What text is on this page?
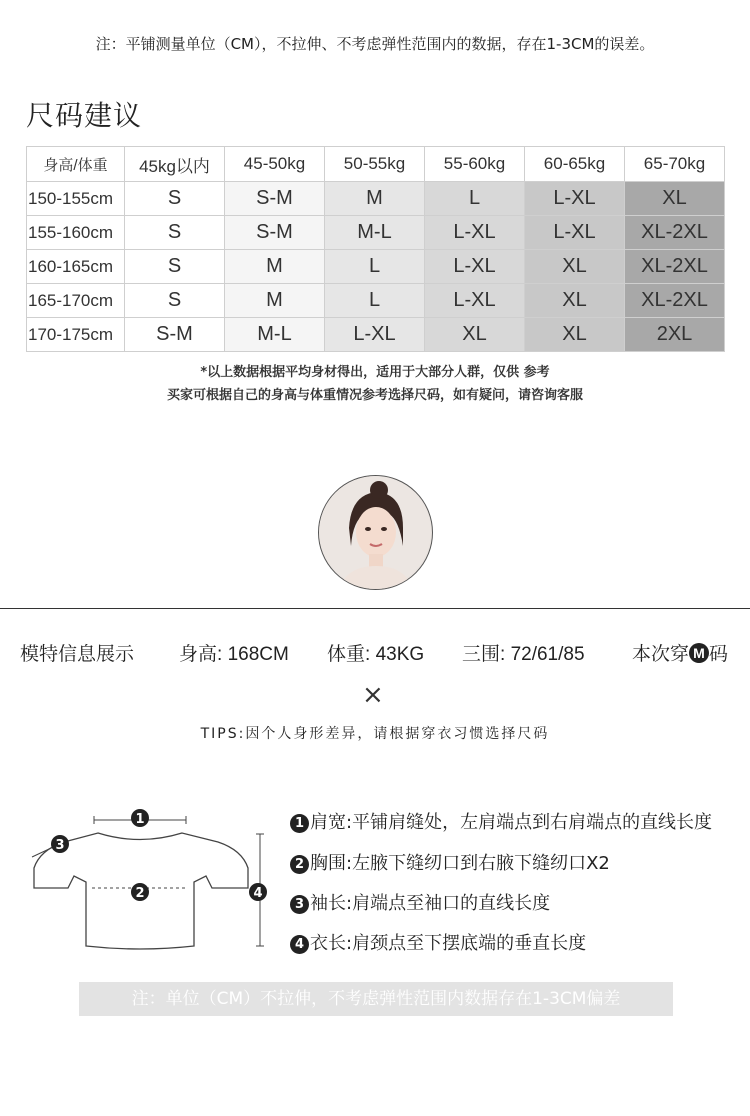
注：平铺测量单位（CM），不拉伸、不考虑弹性范围内的数据，存在1-3CM的误差。
尺码建议
身高/体重	45kg以内	45-50kg	50-55kg	55-60kg	60-65kg	65-70kg
150-155cm	S	S-M	M	L	L-XL	XL
155-160cm	S	S-M	M-L	L-XL	L-XL	XL-2XL
160-165cm	S	M	L	L-XL	XL	XL-2XL
165-170cm	S	M	L	L-XL	XL	XL-2XL
170-175cm	S-M	M-L	L-XL	XL	XL	2XL
*以上数据根据平均身材得出，适用于大部分人群，仅供 参考
买家可根据自己的身高与体重情况参考选择尺码，如有疑问，请咨询客服
模特信息展示 身高: 168CM 体重: 43KG 三围: 72/61/85 本次穿 M 码
×
TIPS:因个人身形差异，请根据穿衣习惯选择尺码
1
2
3
4
1 肩宽:平铺肩缝处，左肩端点到右肩端点的直线长度
2 胸围:左腋下缝纫口到右腋下缝纫口X2
3 袖长:肩端点至袖口的直线长度
4 衣长:肩颈点至下摆底端的垂直长度
注：单位（CM）不拉伸，不考虑弹性范围内数据存在1-3CM偏差
